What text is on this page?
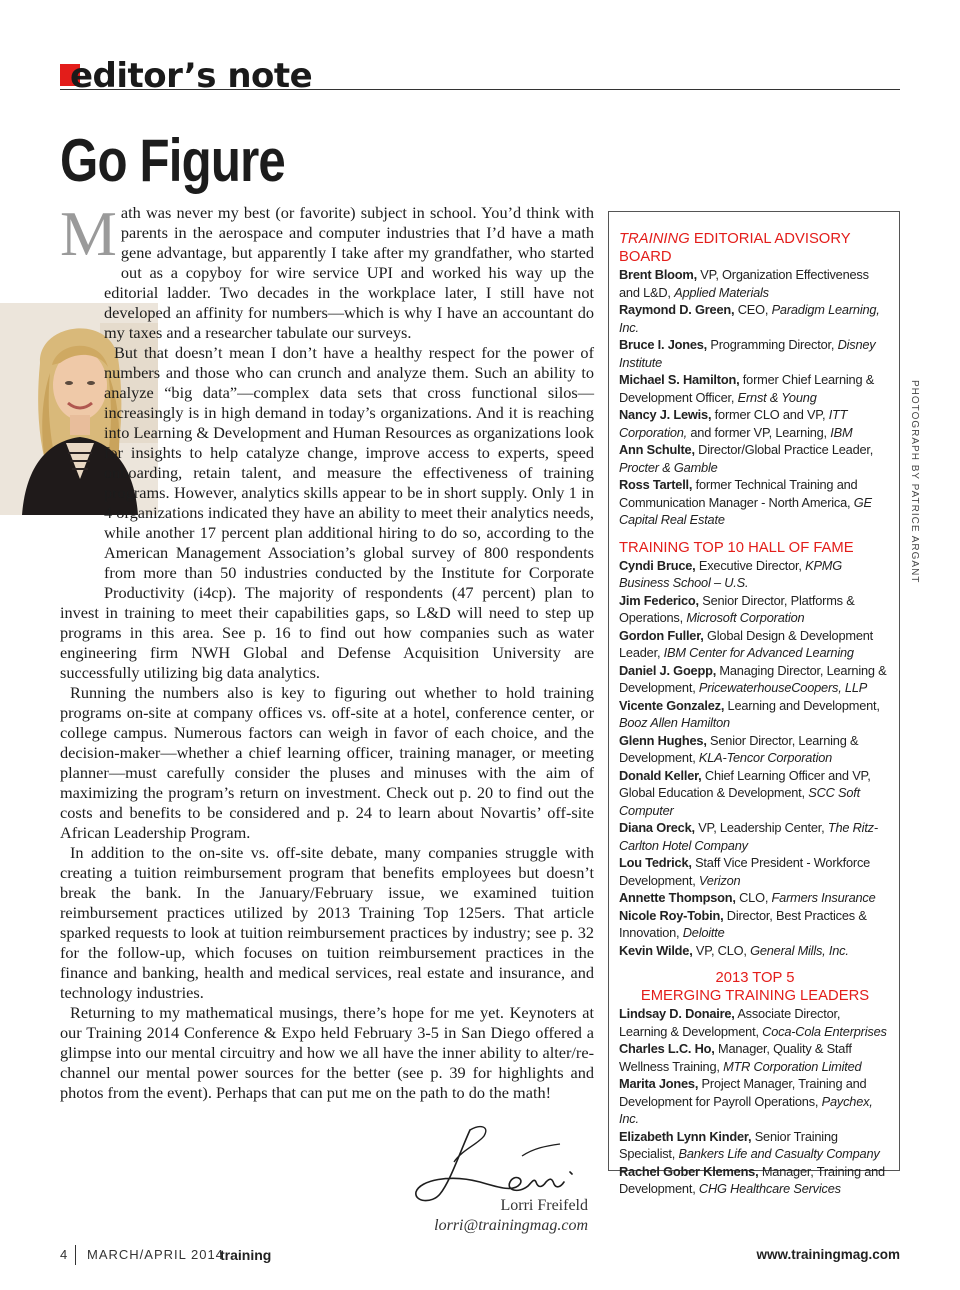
editor’s note
Go Figure
M ath was never my best (or favorite) subject in school. You’d think with parents in the aerospace and computer industries that I’d have a math gene advantage, but apparently I take after my grandfather, who started out as a copyboy for wire service UPI and worked his way up the editorial ladder. Two decades in the workplace later, I still have not developed an affinity for numbers—which is why I have an accountant do my taxes and a researcher tabulate our surveys.

But that doesn’t mean I don’t have a healthy respect for the power of numbers and those who can crunch and analyze them. Such an ability to analyze “big data”—complex data sets that cross functional silos—increasingly is in high demand in today’s organizations. And it is reaching into Learning & Development and Human Resources as organizations look for insights to help catalyze change, improve access to experts, speed onboarding, retain talent, and measure the effectiveness of training programs. However, analytics skills appear to be in short supply. Only 1 in 4 organizations indicated they have an ability to meet their analytics needs, while another 17 percent plan additional hiring to do so, according to the American Management Association’s global survey of 800 respondents from more than 50 industries conducted by the Institute for Corporate Productivity (i4cp). The majority of respondents (47 percent) plan to invest in training to meet their capabilities gaps, so L&D will need to step up programs in this area. See p. 16 to find out how companies such as water engineering firm NWH Global and Defense Acquisition University are successfully utilizing big data analytics.

Running the numbers also is key to figuring out whether to hold training programs on-site at company offices vs. off-site at a hotel, conference center, or college campus. Numerous factors can weigh in favor of each choice, and the decision-maker—whether a chief learning officer, training manager, or meeting planner—must carefully consider the pluses and minuses with the aim of maximizing the program’s return on investment. Check out p. 20 to find out the costs and benefits to be considered and p. 24 to learn about Novartis’ off-site African Leadership Program.

In addition to the on-site vs. off-site debate, many companies struggle with creating a tuition reimbursement program that benefits employees but doesn’t break the bank. In the January/February issue, we examined tuition reimbursement practices utilized by 2013 Training Top 125ers. That article sparked requests to look at tuition reimbursement practices by industry; see p. 32 for the follow-up, which focuses on tuition reimbursement practices in the finance and banking, health and medical services, real estate and insurance, and technology industries.

Returning to my mathematical musings, there’s hope for me yet. Keynoters at our Training 2014 Conference & Expo held February 3-5 in San Diego offered a glimpse into our mental circuitry and how we all have the inner ability to alter/re-channel our mental power sources for the better (see p. 39 for highlights and photos from the event). Perhaps that can put me on the path to do the math!

TRAINING EDITORIAL ADVISORY BOARD
Brent Bloom, VP, Organization Effectiveness and L&D, Applied Materials
Raymond D. Green, CEO, Paradigm Learning, Inc.
Bruce I. Jones, Programming Director, Disney Institute
Michael S. Hamilton, former Chief Learning & Development Officer, Ernst & Young
Nancy J. Lewis, former CLO and VP, ITT Corporation, and former VP, Learning, IBM
Ann Schulte, Director/Global Practice Leader, Procter & Gamble
Ross Tartell, former Technical Training and Communication Manager - North America, GE Capital Real Estate
TRAINING TOP 10 HALL OF FAME
Cyndi Bruce, Executive Director, KPMG Business School – U.S.
Jim Federico, Senior Director, Platforms & Operations, Microsoft Corporation
Gordon Fuller, Global Design & Development Leader, IBM Center for Advanced Learning
Daniel J. Goepp, Managing Director, Learning & Development, PricewaterhouseCoopers, LLP
Vicente Gonzalez, Learning and Development, Booz Allen Hamilton
Glenn Hughes, Senior Director, Learning & Development, KLA-Tencor Corporation
Donald Keller, Chief Learning Officer and VP, Global Education & Development, SCC Soft Computer
Diana Oreck, VP, Leadership Center, The Ritz-Carlton Hotel Company
Lou Tedrick, Staff Vice President - Workforce Development, Verizon
Annette Thompson, CLO, Farmers Insurance
Nicole Roy-Tobin, Director, Best Practices & Innovation, Deloitte
Kevin Wilde, VP, CLO, General Mills, Inc.
2013 TOP 5
EMERGING TRAINING LEADERS
Lindsay D. Donaire, Associate Director, Learning & Development, Coca-Cola Enterprises
Charles L.C. Ho, Manager, Quality & Staff Wellness Training, MTR Corporation Limited
Marita Jones, Project Manager, Training and Development for Payroll Operations, Paychex, Inc.
Elizabeth Lynn Kinder, Senior Training Specialist, Bankers Life and Casualty Company
Rachel Gober Klemens, Manager, Training and Development, CHG Healthcare Services
PHOTOGRAPH BY PATRICE ARGANT
Lorri Freifeld
lorri@trainingmag.com
4 MARCH/APRIL 2014
training	www.trainingmag.com
